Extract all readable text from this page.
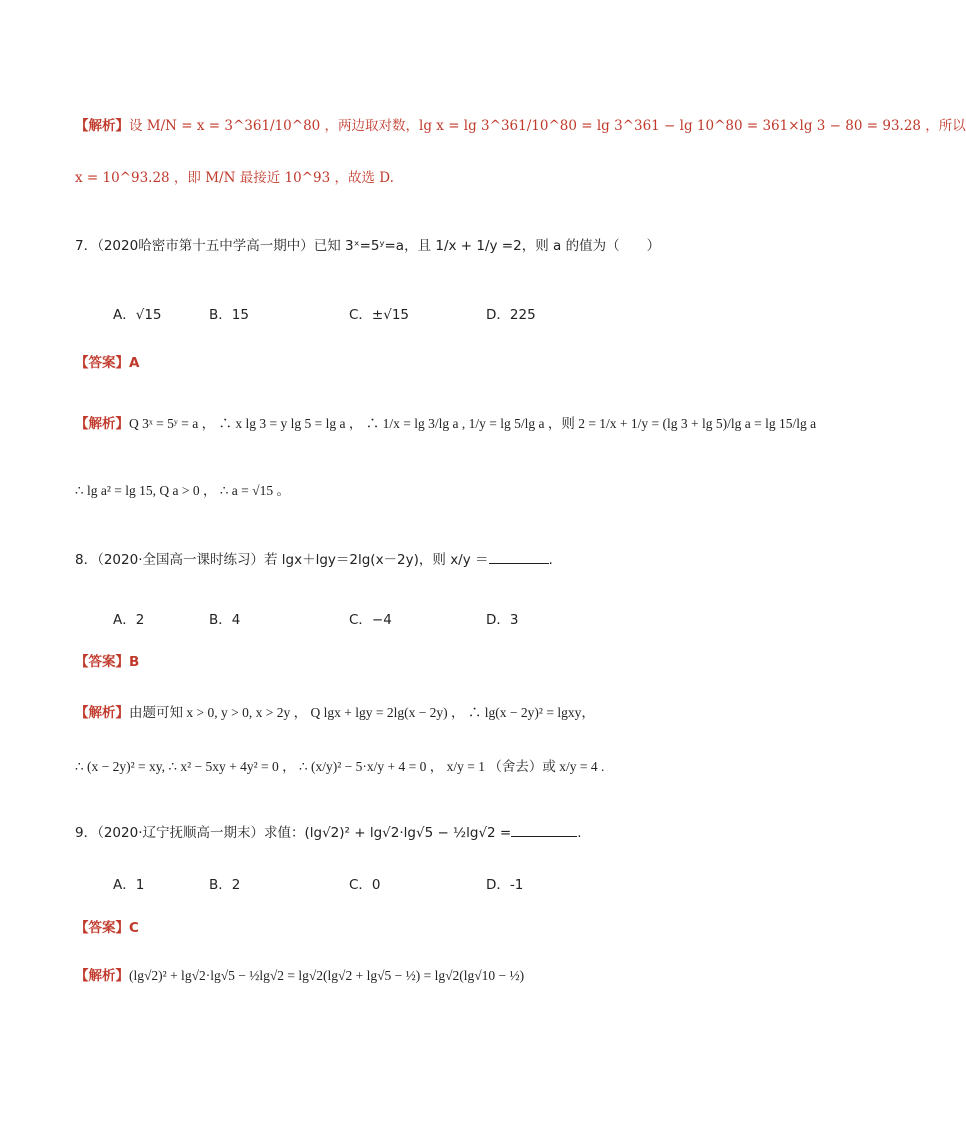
【解析】设 M/N = x = 3^361/10^80 ，两边取对数，lg x = lg 3^361/10^80 = lg 3^361 − lg 10^80 = 361×lg 3 − 80 = 93.28 ，所以
x = 10^93.28 ，即 M/N 最接近 10^93 ，故选 D.
7．（2020哈密市第十五中学高一期中）已知 3ˣ=5ʸ=a，且 1/x + 1/y =2，则 a 的值为（　　）
A．√15	B．15	C．±√15	D．225
【答案】A
【解析】Q 3ˣ = 5ʸ = a ， ∴ x lg 3 = y lg 5 = lg a ， ∴ 1/x = lg 3/lg a , 1/y = lg 5/lg a ，则 2 = 1/x + 1/y = (lg 3 + lg 5)/lg a = lg 15/lg a
∴ lg a² = lg 15, Q a > 0 ， ∴ a = √15 。
8．（2020·全国高一课时练习）若 lgx＋lgy＝2lg(x－2y)，则 x/y ＝	.
A．2	B．4	C．−4	D．3
【答案】B
【解析】由题可知 x > 0, y > 0, x > 2y ， Q lgx + lgy = 2lg(x − 2y) ， ∴ lg(x − 2y)² = lgxy，
∴ (x − 2y)² = xy, ∴ x² − 5xy + 4y² = 0 ， ∴ (x/y)² − 5·x/y + 4 = 0 ， x/y = 1 （舍去）或 x/y = 4 .
9．（2020·辽宁抚顺高一期末）求值：(lg√2)² + lg√2·lg√5 − ½lg√2 =	.
A．1	B．2	C．0	D．-1
【答案】C
【解析】(lg√2)² + lg√2·lg√5 − ½lg√2 = lg√2(lg√2 + lg√5 − ½) = lg√2(lg√10 − ½)
